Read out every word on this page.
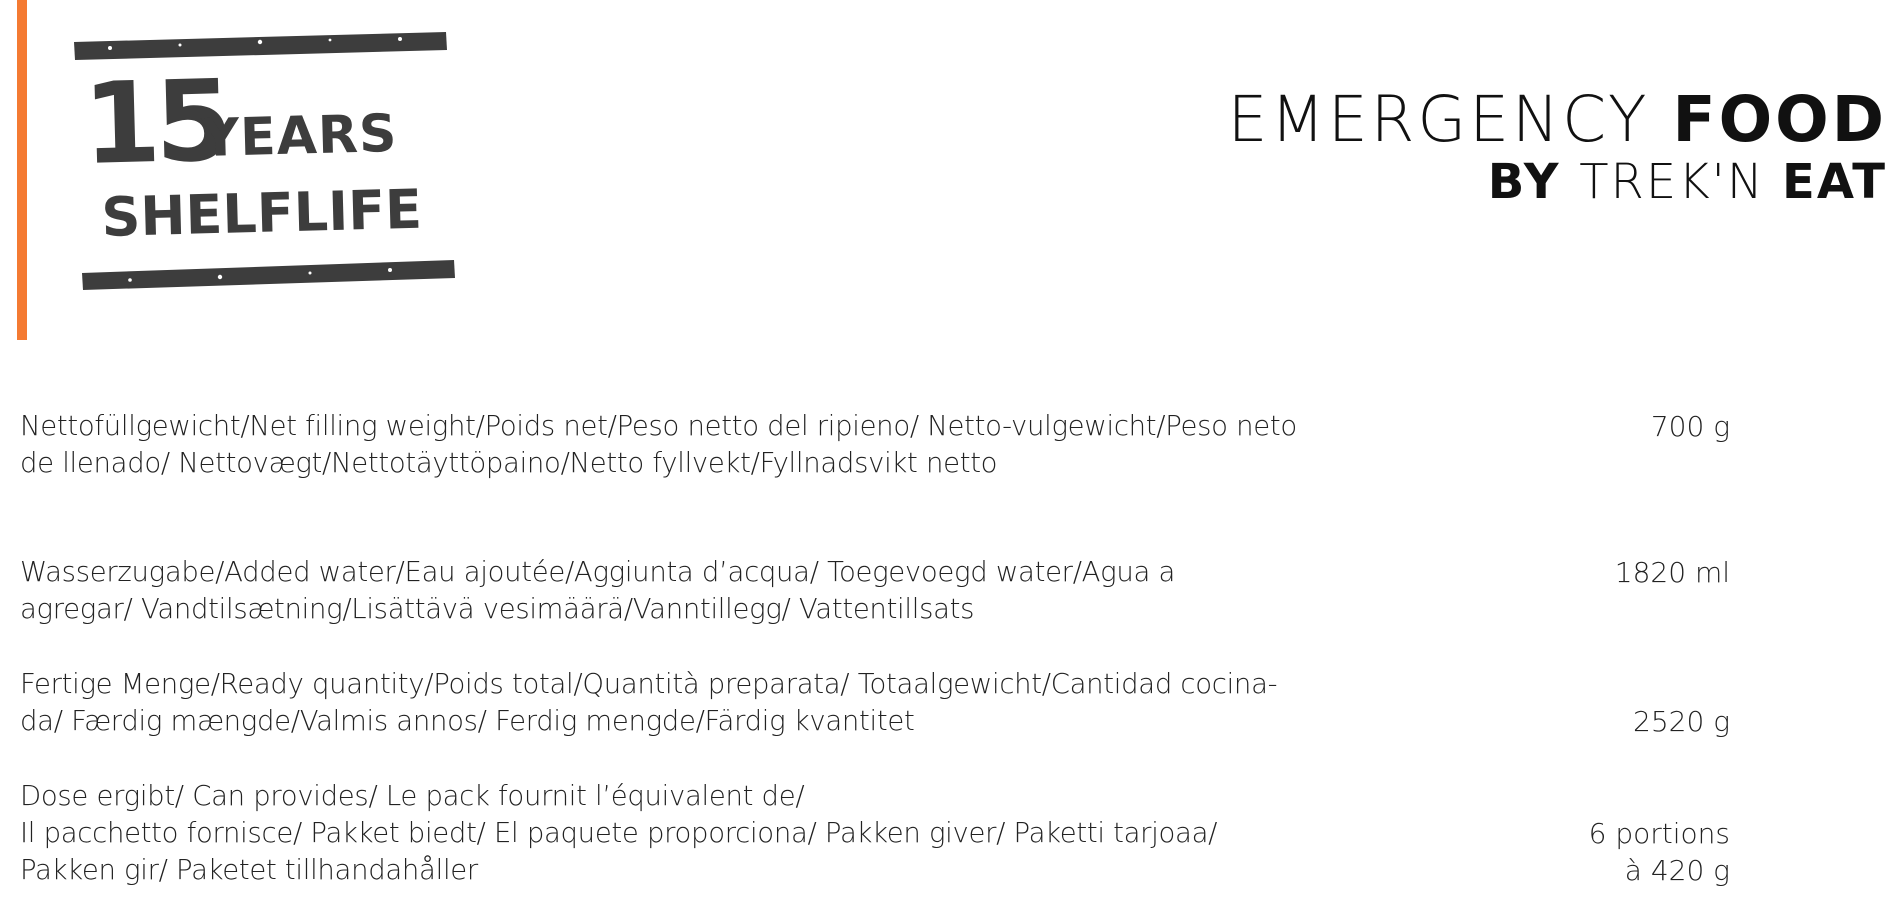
15
YEARS
SHELFLIFE
EMERGENCY FOOD
BY TREK'N EAT
Nettofüllgewicht/Net filling weight/Poids net/Peso netto del ripieno/ Netto-vulgewicht/Peso neto
de llenado/ Nettovægt/Nettotäyttöpaino/Netto fyllvekt/Fyllnadsvikt netto
700 g
Wasserzugabe/Added water/Eau ajoutée/Aggiunta d’acqua/ Toegevoegd water/Agua a
agregar/ Vandtilsætning/Lisättävä vesimäärä/Vanntillegg/ Vattentillsats
1820 ml
Fertige Menge/Ready quantity/Poids total/Quantità preparata/ Totaalgewicht/Cantidad cocina-
da/ Færdig mængde/Valmis annos/ Ferdig mengde/Färdig kvantitet	2520 g
Dose ergibt/ Can provides/ Le pack fournit l’équivalent de/
Il pacchetto fornisce/ Pakket biedt/ El paquete proporciona/ Pakken giver/ Paketti tarjoaa/
Pakken gir/ Paketet tillhandahåller
6 portions
à 420 g
